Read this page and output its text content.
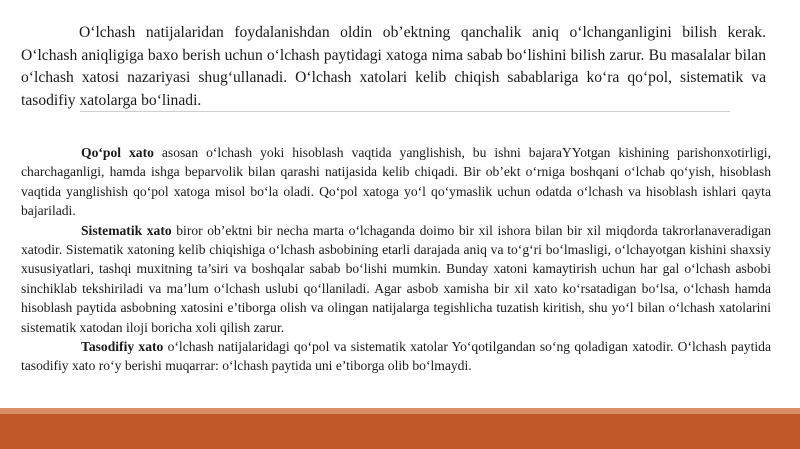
O‘lchash natijalaridan foydalanishdan oldin ob’ektning qanchalik aniq o‘lchanganligini bilish kerak. O‘lchash aniqligiga baxo berish uchun o‘lchash paytidagi xatoga nima sabab bo‘lishini bilish zarur. Bu masalalar bilan o‘lchash xatosi nazariyasi shug‘ullanadi. O‘lchash xatolari kelib chiqish sabablariga ko‘ra qo‘pol, sistematik va tasodifiy xatolarga bo‘linadi.

Qo‘pol xato asosan o‘lchash yoki hisoblash vaqtida yanglishish, bu ishni bajaraYYotgan kishining parishonxotirligi, charchaganligi, hamda ishga beparvolik bilan qarashi natijasida kelib chiqadi. Bir ob’ekt o‘rniga boshqani o‘lchab qo‘yish, hisoblash vaqtida yanglishish qo‘pol xatoga misol bo‘la oladi. Qo‘pol xatoga yo‘l qo‘ymaslik uchun odatda o‘lchash va hisoblash ishlari qayta bajariladi.

Sistematik xato biror ob’ektni bir necha marta o‘lchaganda doimo bir xil ishora bilan bir xil miqdorda takrorlanaveradigan xatodir. Sistematik xatoning kelib chiqishiga o‘lchash asbobining etarli darajada aniq va to‘g‘ri bo‘lmasligi, o‘lchayotgan kishini shaxsiy xususiyatlari, tashqi muxitning ta’siri va boshqalar sabab bo‘lishi mumkin. Bunday xatoni kamaytirish uchun har gal o‘lchash asbobi sinchiklab tekshiriladi va ma’lum o‘lchash uslubi qo‘llaniladi. Agar asbob xamisha bir xil xato ko‘rsatadigan bo‘lsa, o‘lchash hamda hisoblash paytida asbobning xatosini e’tiborga olish va olingan natijalarga tegishlicha tuzatish kiritish, shu yo‘l bilan o‘lchash xatolarini sistematik xatodan iloji boricha xoli qilish zarur.

Tasodifiy xato o‘lchash natijalaridagi qo‘pol va sistematik xatolar Yo‘qotilgandan so‘ng qoladigan xatodir. O‘lchash paytida tasodifiy xato ro‘y berishi muqarrar: o‘lchash paytida uni e’tiborga olib bo‘lmaydi.
